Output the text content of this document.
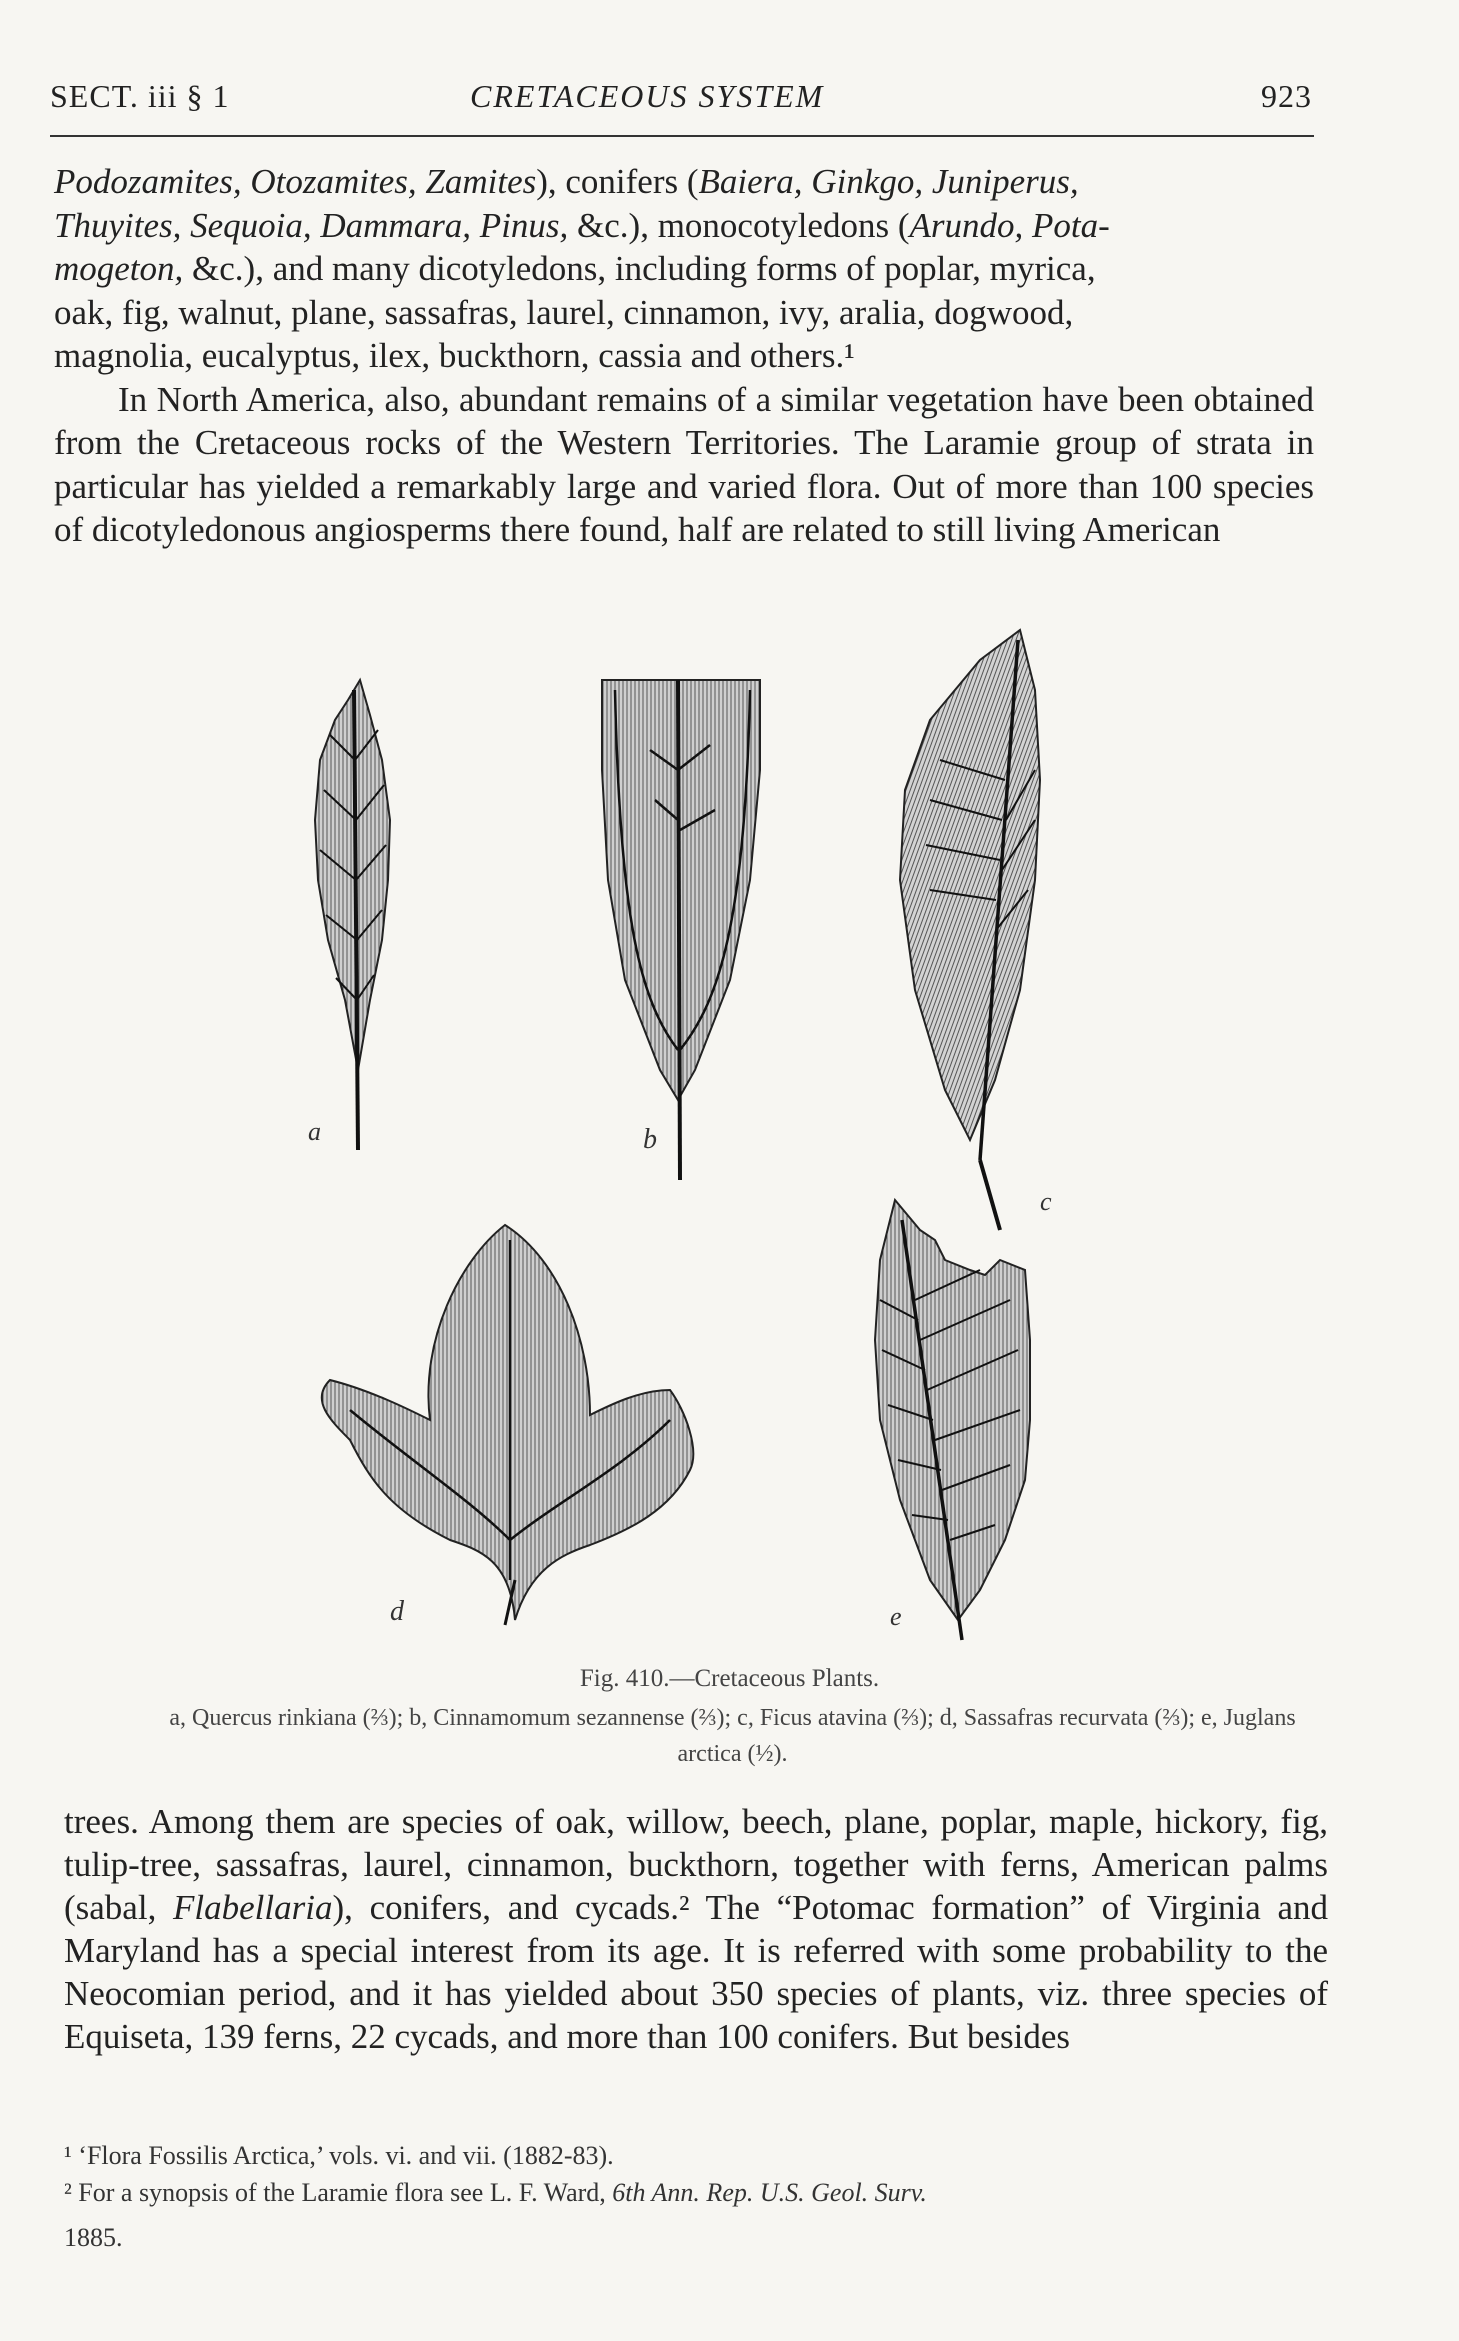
SECT. iii § 1	CRETACEOUS SYSTEM	923
Podozamites, Otozamites, Zamites), conifers (Baiera, Ginkgo, Juniperus,
Thuyites, Sequoia, Dammara, Pinus, &c.), monocotyledons (Arundo, Pota-
mogeton, &c.), and many dicotyledons, including forms of poplar, myrica,
oak, fig, walnut, plane, sassafras, laurel, cinnamon, ivy, aralia, dogwood,
magnolia, eucalyptus, ilex, buckthorn, cassia and others.¹
In North America, also, abundant remains of a similar vegetation have been obtained from the Cretaceous rocks of the Western Territories. The Laramie group of strata in particular has yielded a remarkably large and varied flora. Out of more than 100 species of dicotyledonous angiosperms there found, half are related to still living American
a	b
c
d	e
Fig. 410.—Cretaceous Plants.
a, Quercus rinkiana (⅔); b, Cinnamomum sezannense (⅔); c, Ficus atavina (⅔); d, Sassafras recurvata (⅔); e, Juglans arctica (½).
trees. Among them are species of oak, willow, beech, plane, poplar, maple, hickory, fig, tulip-tree, sassafras, laurel, cinnamon, buckthorn, together with ferns, American palms (sabal, Flabellaria), conifers, and cycads.² The “Potomac formation” of Virginia and Maryland has a special interest from its age. It is referred with some probability to the Neocomian period, and it has yielded about 350 species of plants, viz. three species of Equiseta, 139 ferns, 22 cycads, and more than 100 conifers. But besides
¹ ‘Flora Fossilis Arctica,’ vols. vi. and vii. (1882-83).
² For a synopsis of the Laramie flora see L. F. Ward, 6th Ann. Rep. U.S. Geol. Surv.
1885.
